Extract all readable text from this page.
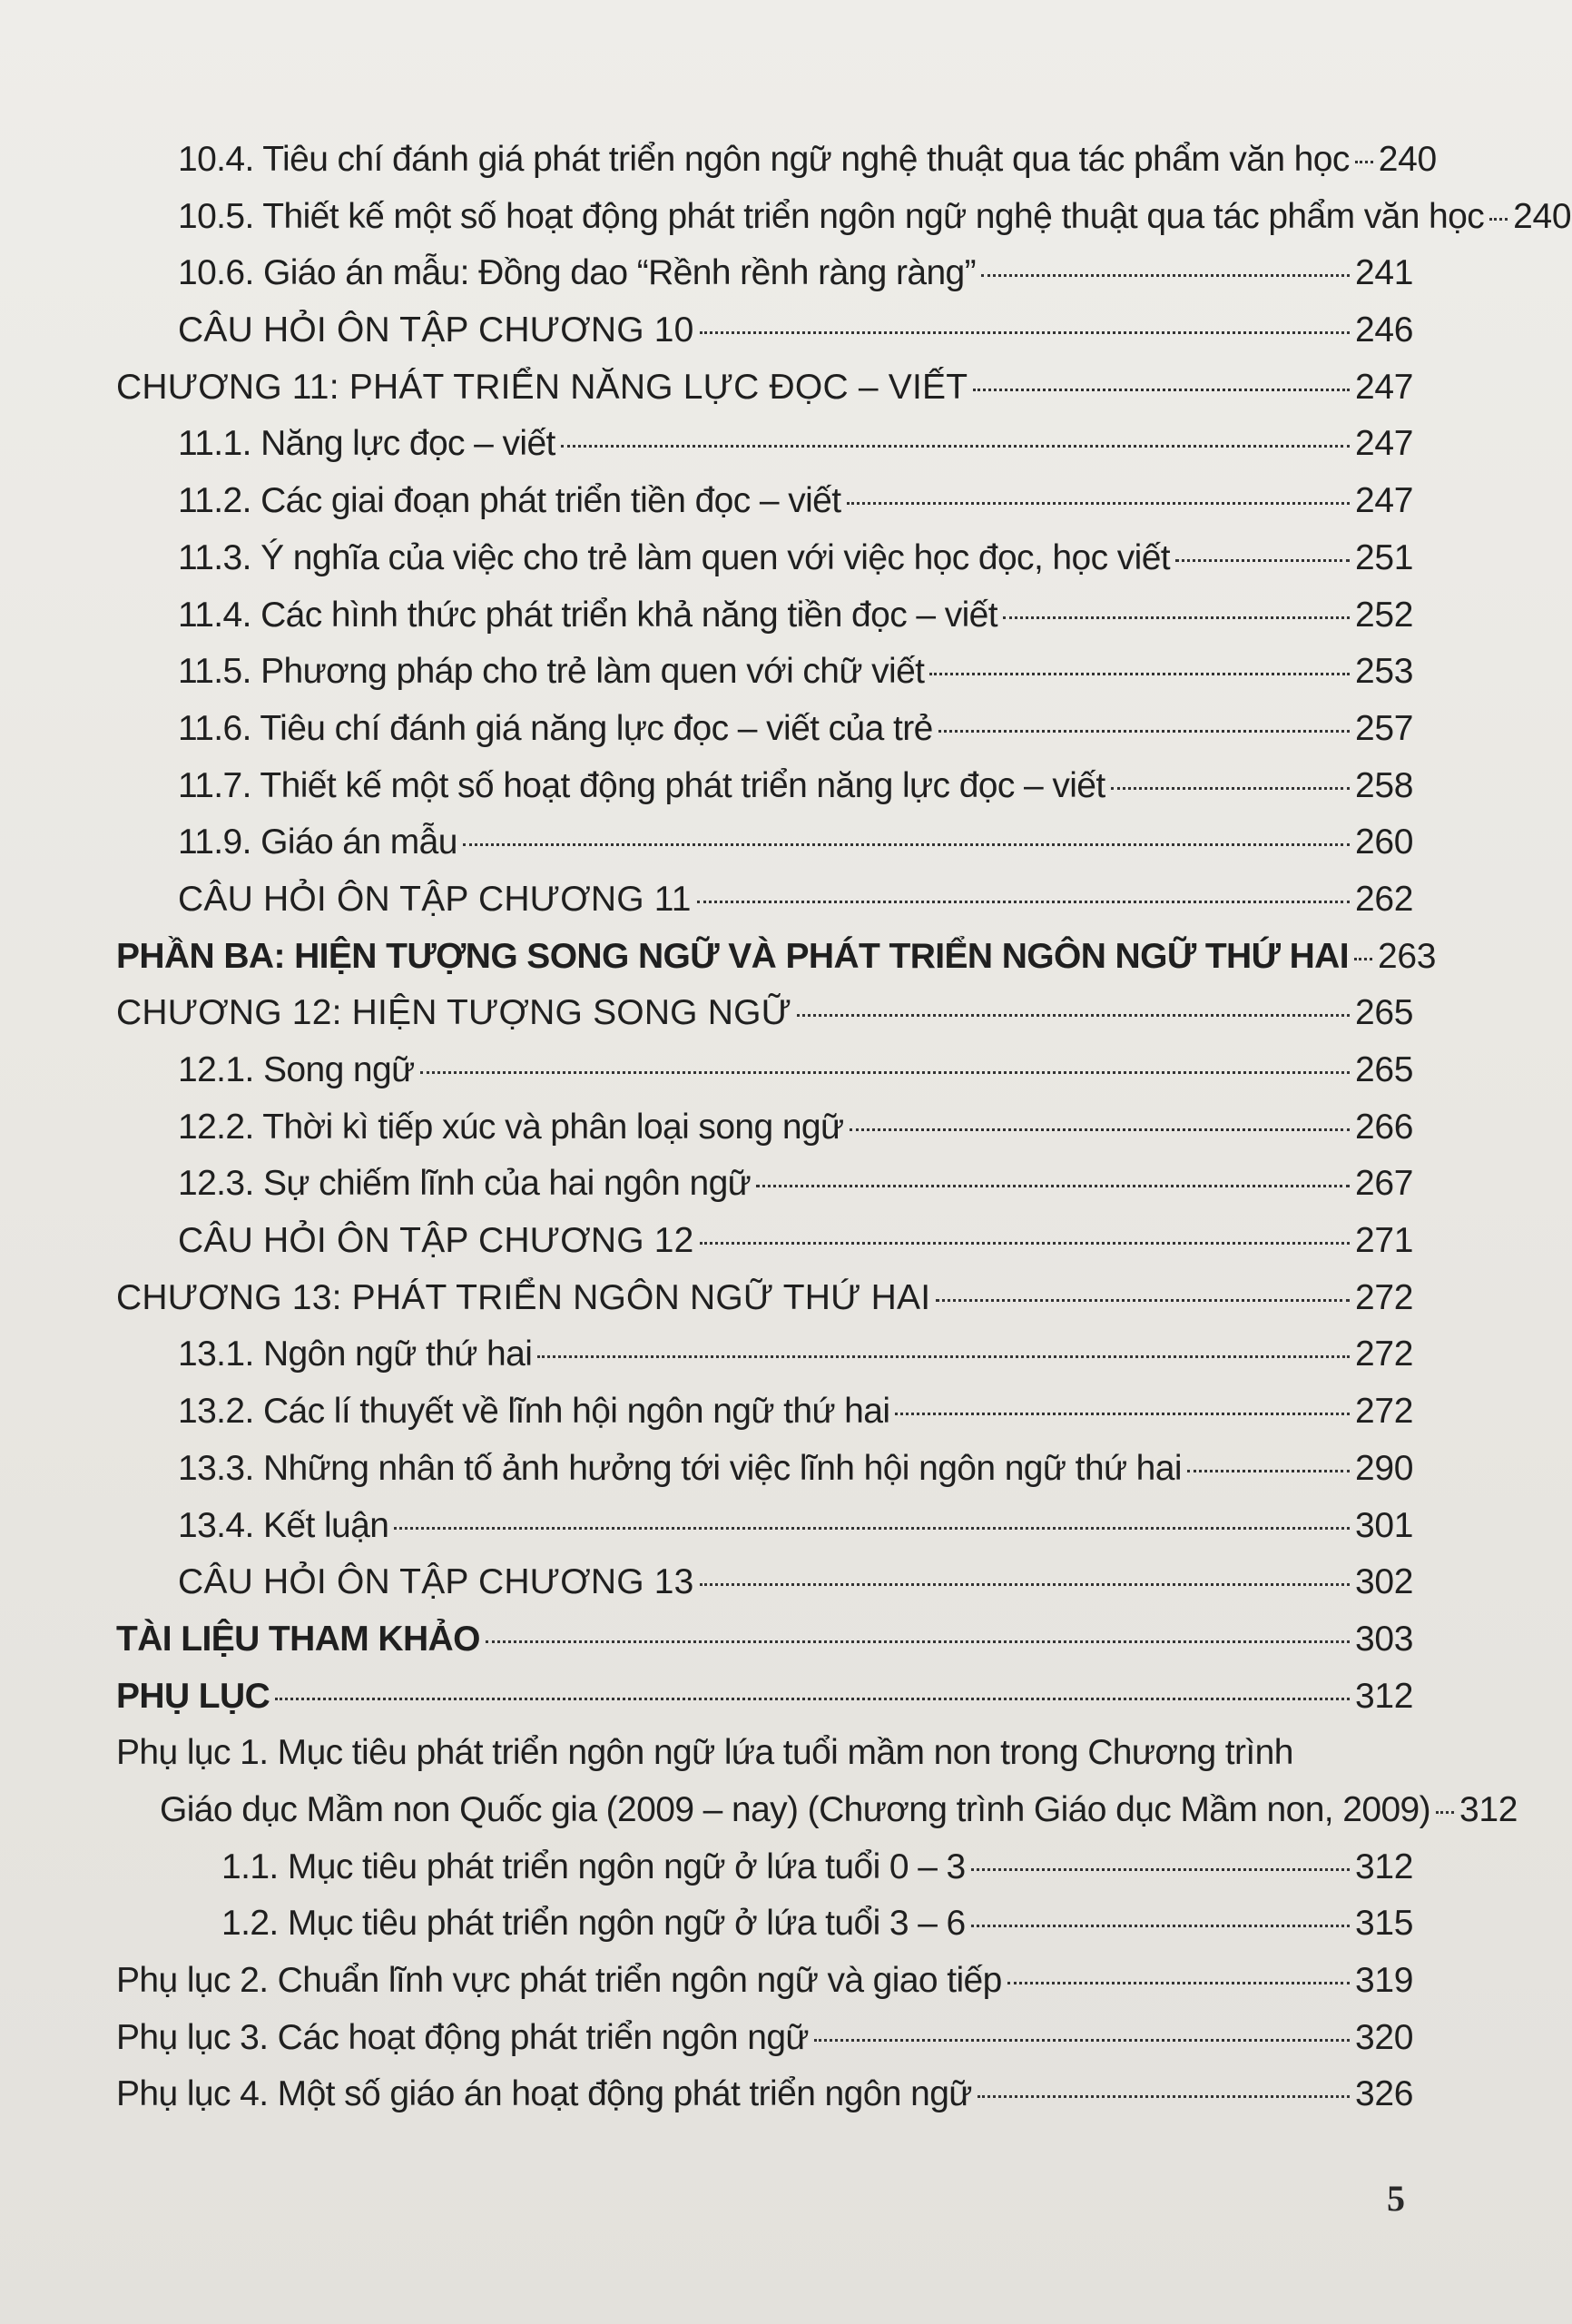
10.4. Tiêu chí đánh giá phát triển ngôn ngữ nghệ thuật qua tác phẩm văn học 240
10.5. Thiết kế một số hoạt động phát triển ngôn ngữ nghệ thuật qua tác phẩm văn học 240
10.6. Giáo án mẫu: Đồng dao “Rềnh rềnh ràng ràng”	241
CÂU HỎI ÔN TẬP CHƯƠNG 10	246
CHƯƠNG 11: PHÁT TRIỂN NĂNG LỰC ĐỌC – VIẾT	247
11.1. Năng lực đọc – viết	247
11.2. Các giai đoạn phát triển tiền đọc – viết	247
11.3. Ý nghĩa của việc cho trẻ làm quen với việc học đọc, học viết	251
11.4. Các hình thức phát triển khả năng tiền đọc – viết	252
11.5. Phương pháp cho trẻ làm quen với chữ viết	253
11.6. Tiêu chí đánh giá năng lực đọc – viết của trẻ	257
11.7. Thiết kế một số hoạt động phát triển năng lực đọc – viết	258
11.9. Giáo án mẫu	260
CÂU HỎI ÔN TẬP CHƯƠNG 11	262
PHẦN BA: HIỆN TƯỢNG SONG NGỮ VÀ PHÁT TRIỂN NGÔN NGỮ THỨ HAI 263
CHƯƠNG 12: HIỆN TƯỢNG SONG NGỮ	265
12.1. Song ngữ	265
12.2. Thời kì tiếp xúc và phân loại song ngữ	266
12.3. Sự chiếm lĩnh của hai ngôn ngữ	267
CÂU HỎI ÔN TẬP CHƯƠNG 12	271
CHƯƠNG 13: PHÁT TRIỂN NGÔN NGỮ THỨ HAI	272
13.1. Ngôn ngữ thứ hai	272
13.2. Các lí thuyết về lĩnh hội ngôn ngữ thứ hai	272
13.3. Những nhân tố ảnh hưởng tới việc lĩnh hội ngôn ngữ thứ hai	290
13.4. Kết luận	301
CÂU HỎI ÔN TẬP CHƯƠNG 13	302
TÀI LIỆU THAM KHẢO	303
PHỤ LỤC	312
Phụ lục 1. Mục tiêu phát triển ngôn ngữ lứa tuổi mầm non trong Chương trình
Giáo dục Mầm non Quốc gia (2009 – nay) (Chương trình Giáo dục Mầm non, 2009) 312
1.1. Mục tiêu phát triển ngôn ngữ ở lứa tuổi 0 – 3	312
1.2. Mục tiêu phát triển ngôn ngữ ở lứa tuổi 3 – 6	315
Phụ lục 2. Chuẩn lĩnh vực phát triển ngôn ngữ và giao tiếp	319
Phụ lục 3. Các hoạt động phát triển ngôn ngữ	320
Phụ lục 4. Một số giáo án hoạt động phát triển ngôn ngữ	326
5
